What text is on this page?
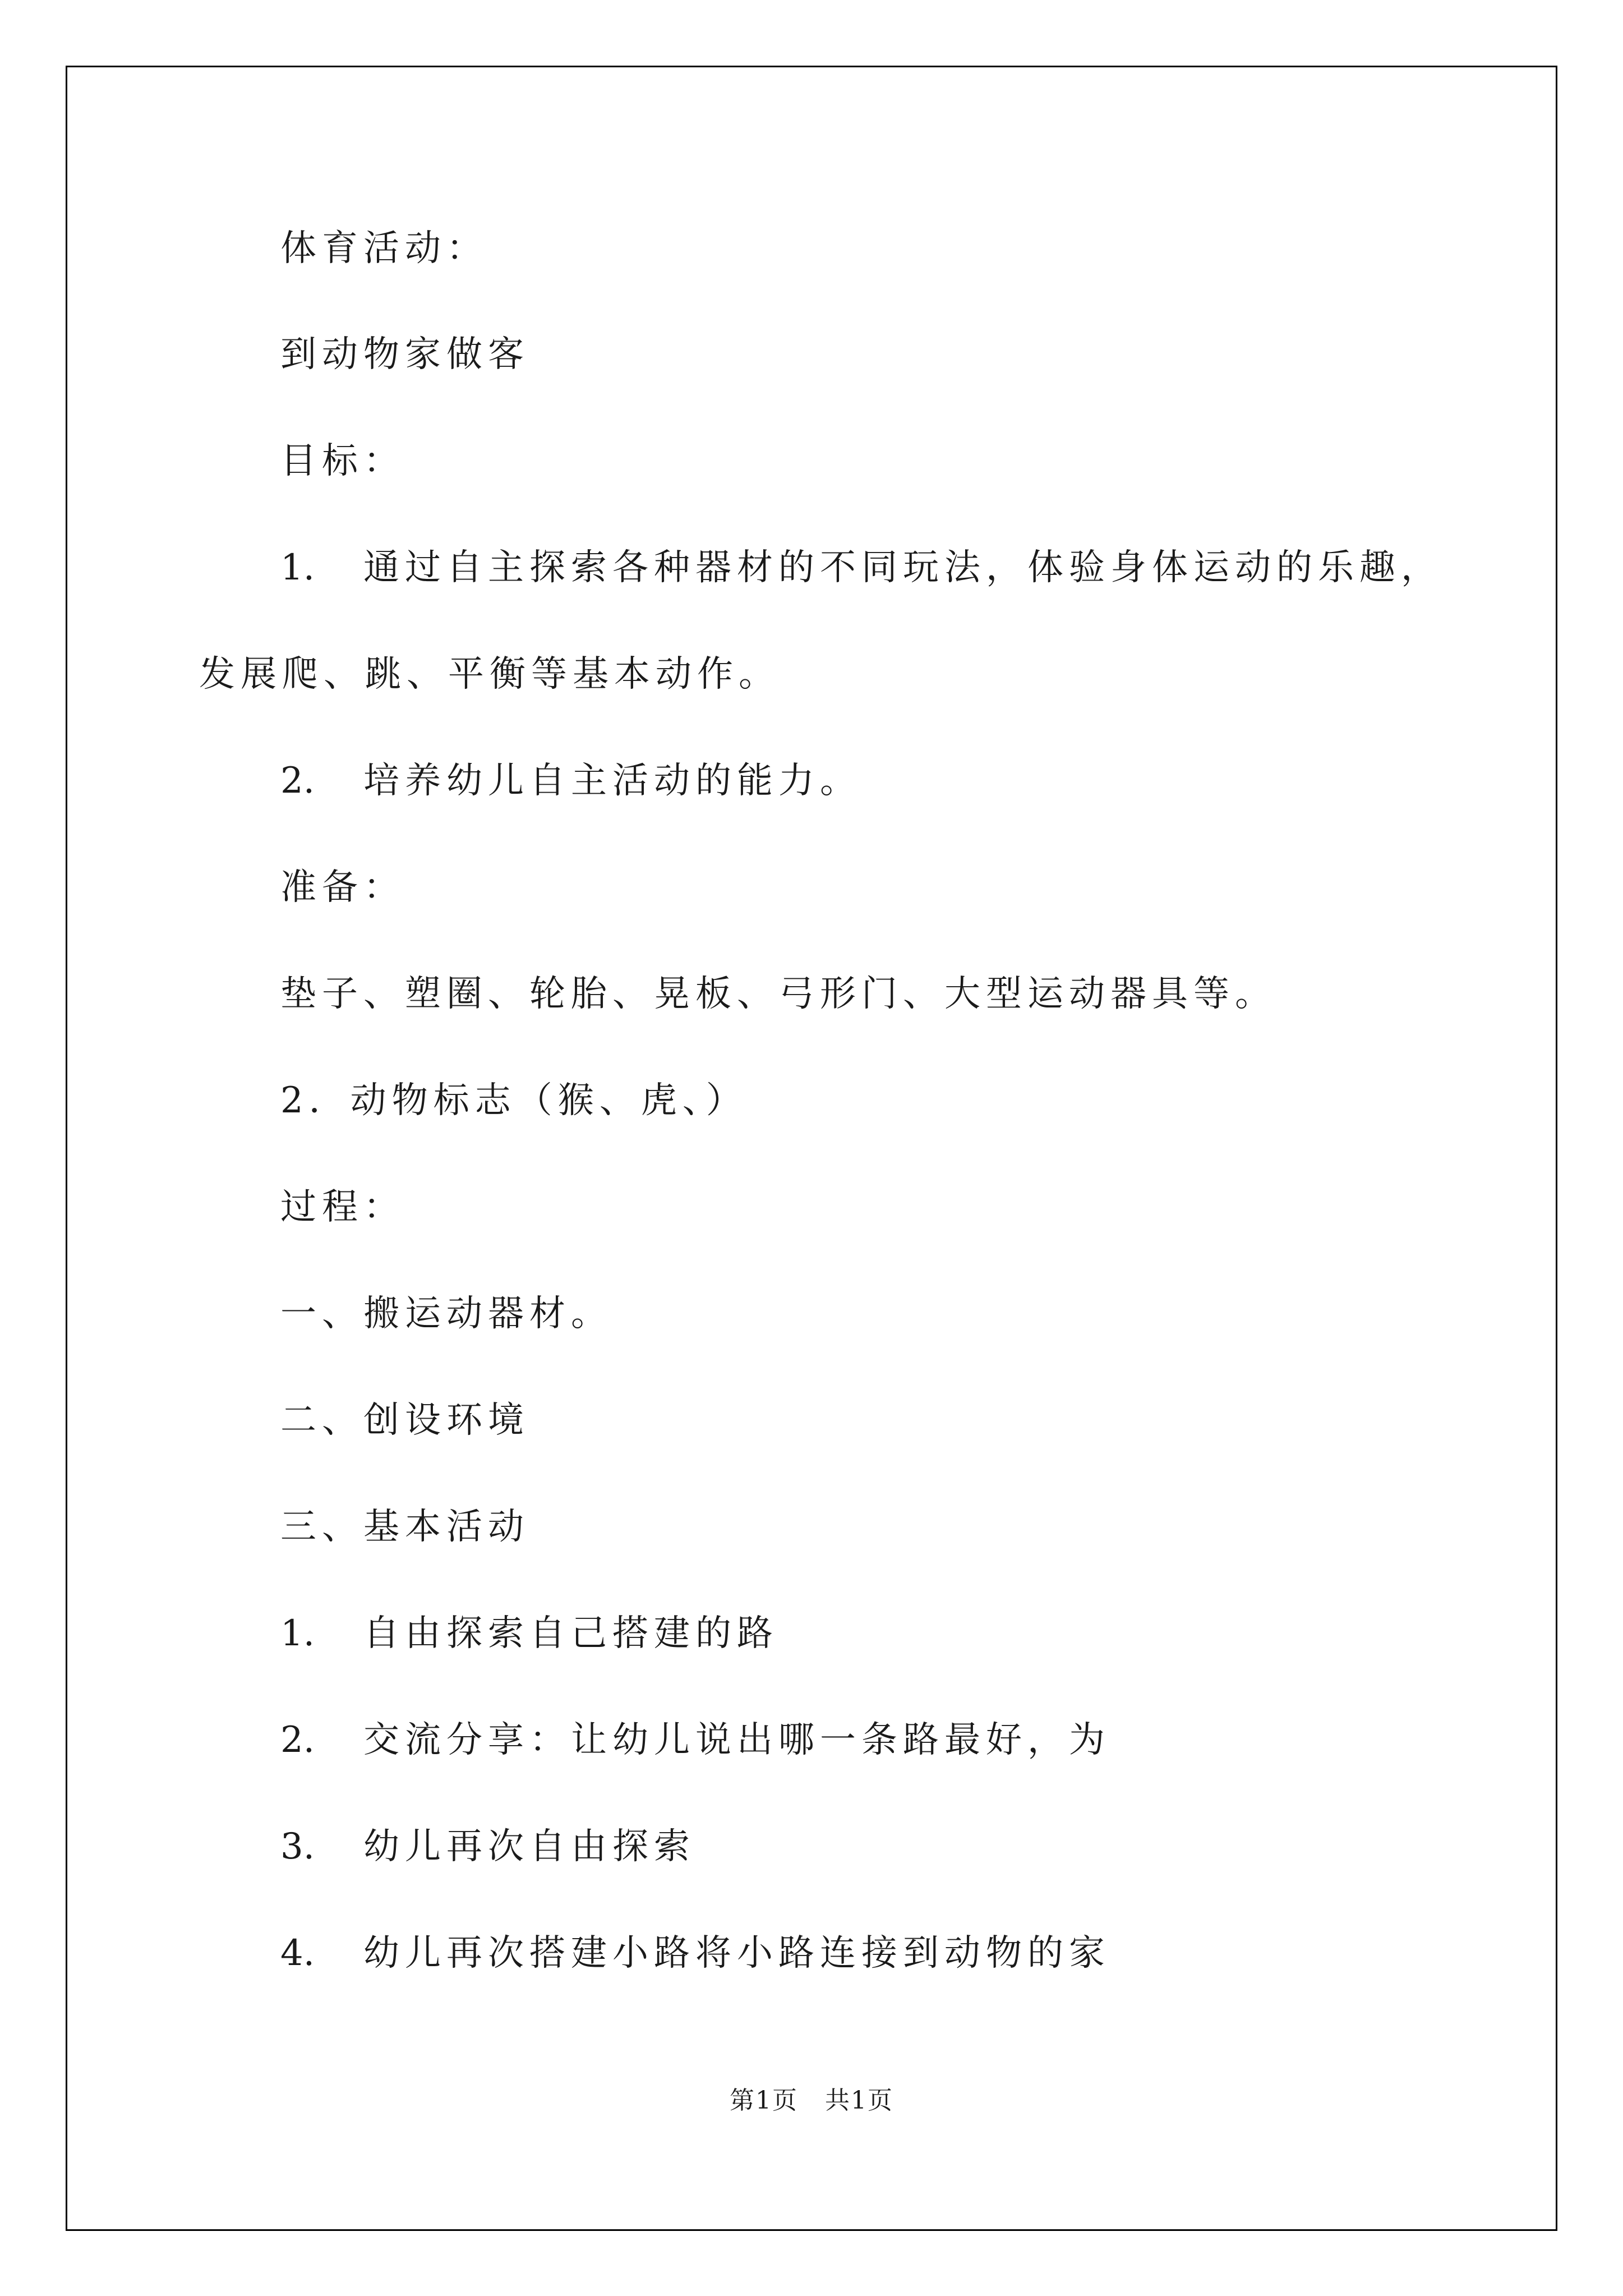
体育活动：
到动物家做客
目标：
1. 通过自主探索各种器材的不同玩法，体验身体运动的乐趣，
发展爬、跳、平衡等基本动作。
2. 培养幼儿自主活动的能力。
准备：
垫子、塑圈、轮胎、晃板、弓形门、大型运动器具等。
2．动物标志（猴、虎、）
过程：
一、搬运动器材。
二、创设环境
三、基本活动
1. 自由探索自己搭建的路
2. 交流分享：让幼儿说出哪一条路最好，为
3. 幼儿再次自由探索
4. 幼儿再次搭建小路将小路连接到动物的家
第1页 共1页
